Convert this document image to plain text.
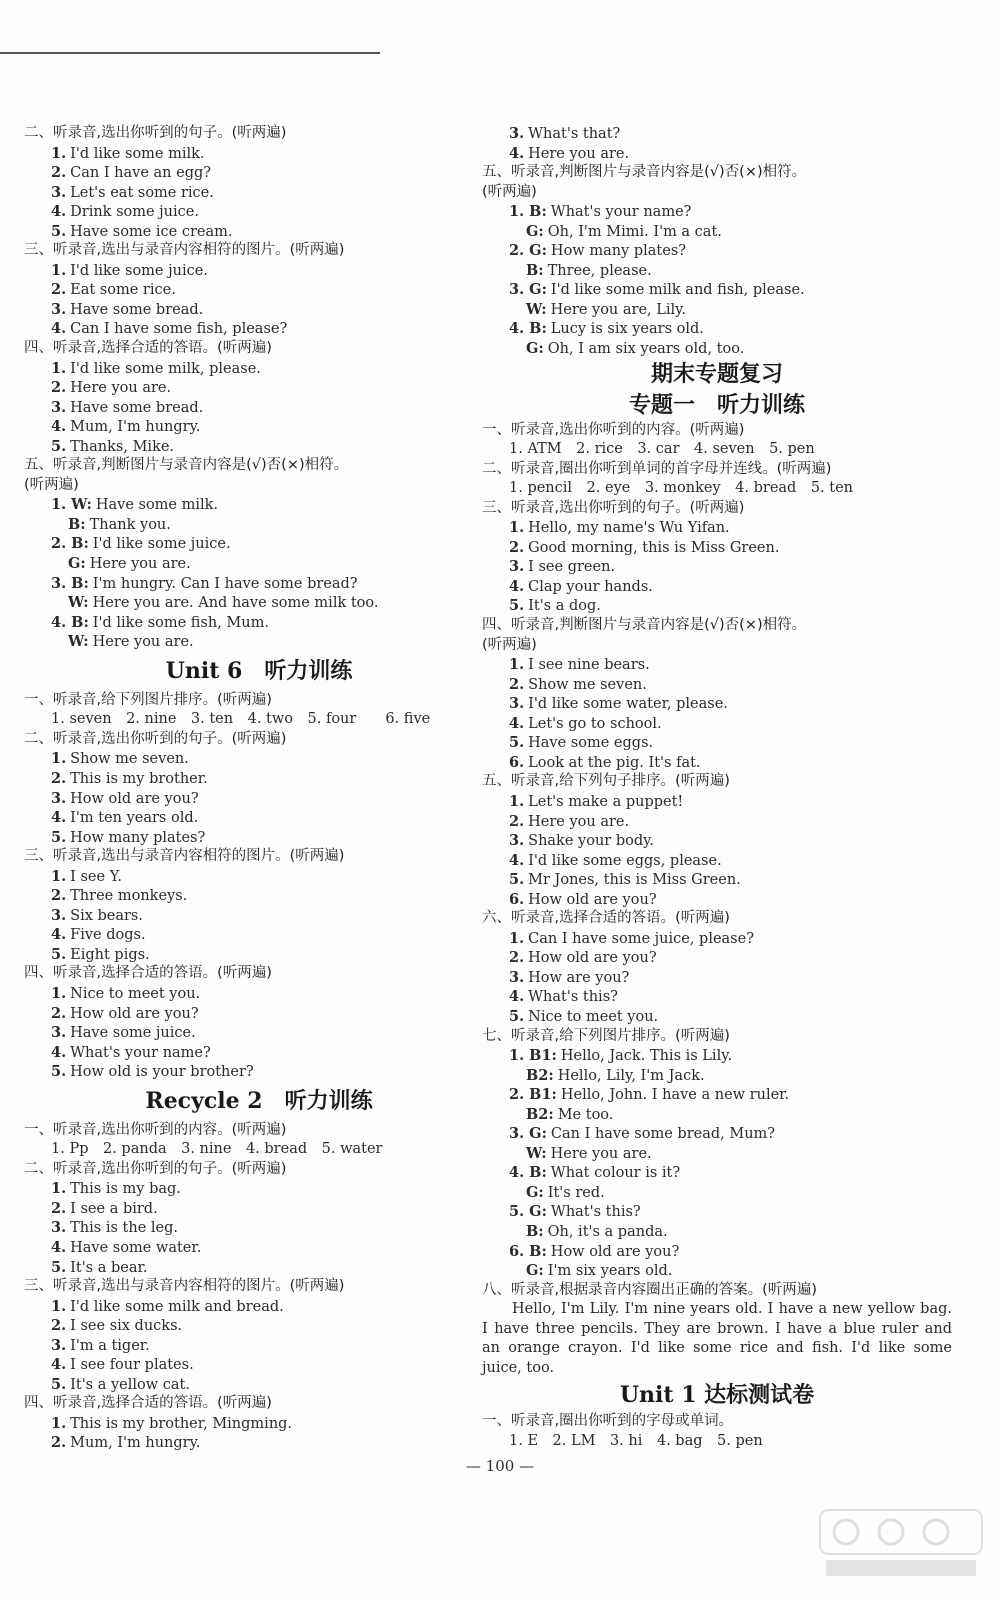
二、听录音,选出你听到的句子。(听两遍)
1. I'd like some milk.
2. Can I have an egg?
3. Let's eat some rice.
4. Drink some juice.
5. Have some ice cream.
三、听录音,选出与录音内容相符的图片。(听两遍)
1. I'd like some juice.
2. Eat some rice.
3. Have some bread.
4. Can I have some fish, please?
四、听录音,选择合适的答语。(听两遍)
1. I'd like some milk, please.
2. Here you are.
3. Have some bread.
4. Mum, I'm hungry.
5. Thanks, Mike.
五、听录音,判断图片与录音内容是(√)否(×)相符。
(听两遍)
1. W: Have some milk.
B: Thank you.
2. B: I'd like some juice.
G: Here you are.
3. B: I'm hungry. Can I have some bread?
W: Here you are. And have some milk too.
4. B: I'd like some fish, Mum.
W: Here you are.
Unit 6　听力训练
一、听录音,给下列图片排序。(听两遍)
1. seven　2. nine　3. ten　4. two　5. four　　6. five
二、听录音,选出你听到的句子。(听两遍)
1. Show me seven.
2. This is my brother.
3. How old are you?
4. I'm ten years old.
5. How many plates?
三、听录音,选出与录音内容相符的图片。(听两遍)
1. I see Y.
2. Three monkeys.
3. Six bears.
4. Five dogs.
5. Eight pigs.
四、听录音,选择合适的答语。(听两遍)
1. Nice to meet you.
2. How old are you?
3. Have some juice.
4. What's your name?
5. How old is your brother?
Recycle 2　听力训练
一、听录音,选出你听到的内容。(听两遍)
1. Pp　2. panda　3. nine　4. bread　5. water
二、听录音,选出你听到的句子。(听两遍)
1. This is my bag.
2. I see a bird.
3. This is the leg.
4. Have some water.
5. It's a bear.
三、听录音,选出与录音内容相符的图片。(听两遍)
1. I'd like some milk and bread.
2. I see six ducks.
3. I'm a tiger.
4. I see four plates.
5. It's a yellow cat.
四、听录音,选择合适的答语。(听两遍)
1. This is my brother, Mingming.
2. Mum, I'm hungry.
3. What's that?
4. Here you are.
五、听录音,判断图片与录音内容是(√)否(×)相符。
(听两遍)
1. B: What's your name?
G: Oh, I'm Mimi. I'm a cat.
2. G: How many plates?
B: Three, please.
3. G: I'd like some milk and fish, please.
W: Here you are, Lily.
4. B: Lucy is six years old.
G: Oh, I am six years old, too.
期末专题复习
专题一　听力训练
一、听录音,选出你听到的内容。(听两遍)
1. ATM　2. rice　3. car　4. seven　5. pen
二、听录音,圈出你听到单词的首字母并连线。(听两遍)
1. pencil　2. eye　3. monkey　4. bread　5. ten
三、听录音,选出你听到的句子。(听两遍)
1. Hello, my name's Wu Yifan.
2. Good morning, this is Miss Green.
3. I see green.
4. Clap your hands.
5. It's a dog.
四、听录音,判断图片与录音内容是(√)否(×)相符。
(听两遍)
1. I see nine bears.
2. Show me seven.
3. I'd like some water, please.
4. Let's go to school.
5. Have some eggs.
6. Look at the pig. It's fat.
五、听录音,给下列句子排序。(听两遍)
1. Let's make a puppet!
2. Here you are.
3. Shake your body.
4. I'd like some eggs, please.
5. Mr Jones, this is Miss Green.
6. How old are you?
六、听录音,选择合适的答语。(听两遍)
1. Can I have some juice, please?
2. How old are you?
3. How are you?
4. What's this?
5. Nice to meet you.
七、听录音,给下列图片排序。(听两遍)
1. B1: Hello, Jack. This is Lily.
B2: Hello, Lily, I'm Jack.
2. B1: Hello, John. I have a new ruler.
B2: Me too.
3. G: Can I have some bread, Mum?
W: Here you are.
4. B: What colour is it?
G: It's red.
5. G: What's this?
B: Oh, it's a panda.
6. B: How old are you?
G: I'm six years old.
八、听录音,根据录音内容圈出正确的答案。(听两遍)
Hello, I'm Lily. I'm nine years old. I have a new yellow bag. I have three pencils. They are brown. I have a blue ruler and an orange crayon. I'd like some rice and fish. I'd like some juice, too.
Unit 1 达标测试卷
一、听录音,圈出你听到的字母或单词。
1. E　2. LM　3. hi　4. bag　5. pen
— 100 —
